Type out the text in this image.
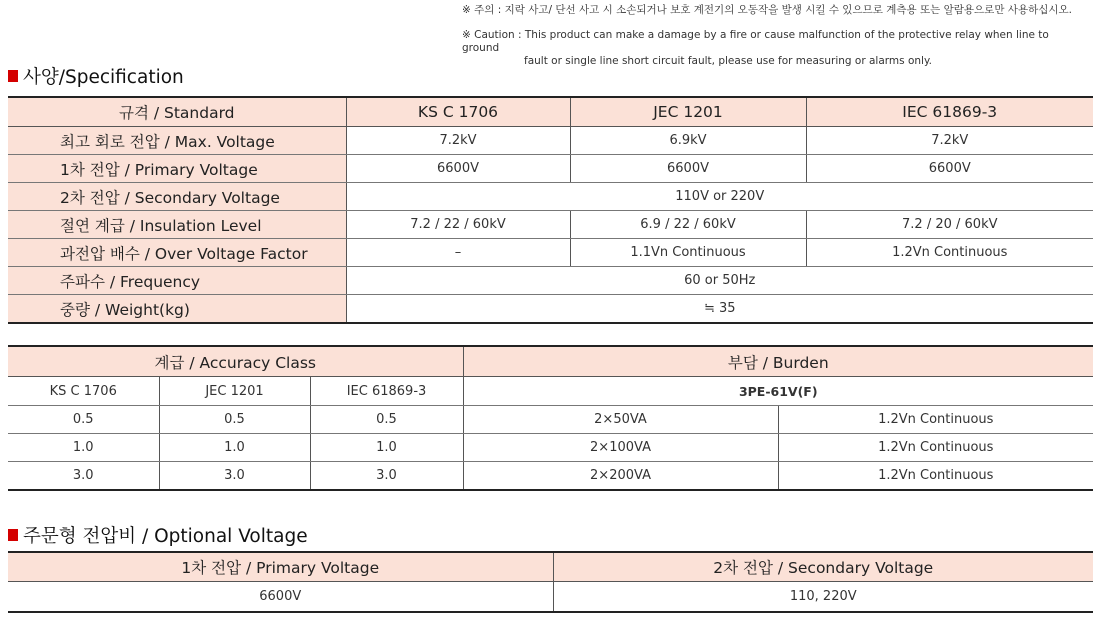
※ 주의 : 지락 사고/ 단선 사고 시 소손되거나 보호 계전기의 오동작을 발생 시킬 수 있으므로 계측용 또는 알람용으로만 사용하십시오.
※ Caution : This product can make a damage by a fire or cause malfunction of the protective relay when line to ground
fault or single line short circuit fault, please use for measuring or alarms only.
사양/Specification
규격 / Standard	KS C 1706	JEC 1201	IEC 61869-3
최고 회로 전압 / Max. Voltage	7.2kV	6.9kV	7.2kV
1차 전압 / Primary Voltage	6600V	6600V	6600V
2차 전압 / Secondary Voltage	110V or 220V		
절연 계급 / Insulation Level	7.2 / 22 / 60kV	6.9 / 22 / 60kV	7.2 / 20 / 60kV
과전압 배수 / Over Voltage Factor	–	1.1Vn Continuous	1.2Vn Continuous
주파수 / Frequency	60 or 50Hz		
중량 / Weight(kg)	≒ 35		
계급 / Accuracy Class			부담 / Burden	
KS C 1706	JEC 1201	IEC 61869-3	3PE-61V(F)	
0.5	0.5	0.5	2×50VA	1.2Vn Continuous
1.0	1.0	1.0	2×100VA	1.2Vn Continuous
3.0	3.0	3.0	2×200VA	1.2Vn Continuous
주문형 전압비 / Optional Voltage
1차 전압 / Primary Voltage	2차 전압 / Secondary Voltage
6600V	110, 220V
